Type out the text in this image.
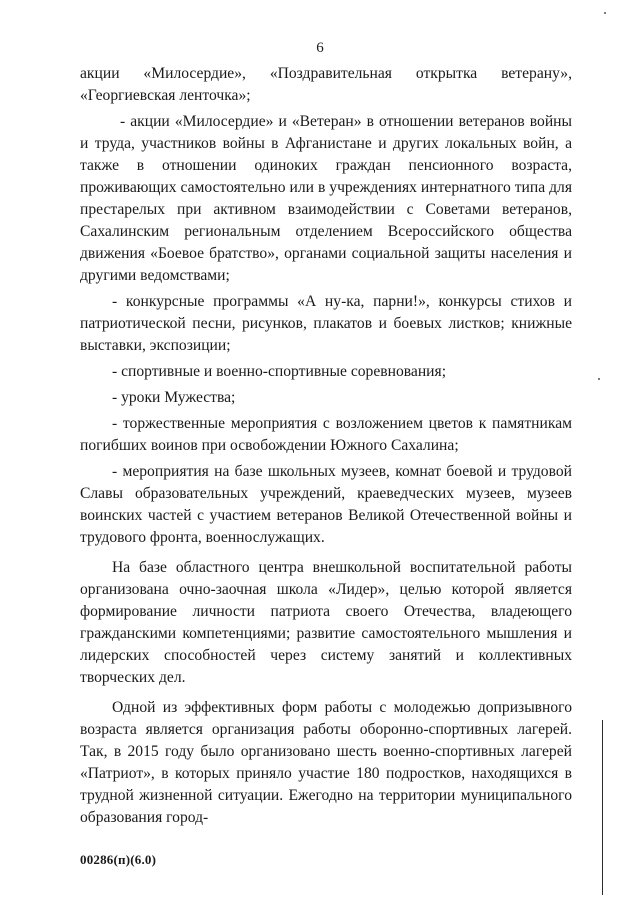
6

акции «Милосердие», «Поздравительная открытка ветерану», «Георгиевская ленточка»;

- акции «Милосердие» и «Ветеран» в отношении ветеранов войны и труда, участников войны в Афганистане и других локальных войн, а также в отношении одиноких граждан пенсионного возраста, проживающих самостоятельно или в учреждениях интернатного типа для престарелых при активном взаимодействии с Советами ветеранов, Сахалинским региональным отделением Всероссийского общества движения «Боевое братство», органами социальной защиты населения и другими ведомствами;

- конкурсные программы «А ну-ка, парни!», конкурсы стихов и патриотической песни, рисунков, плакатов и боевых листков; книжные выставки, экспозиции;

- спортивные и военно-спортивные соревнования;

- уроки Мужества;

- торжественные мероприятия с возложением цветов к памятникам погибших воинов при освобождении Южного Сахалина;

- мероприятия на базе школьных музеев, комнат боевой и трудовой Славы образовательных учреждений, краеведческих музеев, музеев воинских частей с участием ветеранов Великой Отечественной войны и трудового фронта, военнослужащих.

На базе областного центра внешкольной воспитательной работы организована очно-заочная школа «Лидер», целью которой является формирование личности патриота своего Отечества, владеющего гражданскими компетенциями; развитие самостоятельного мышления и лидерских способностей через систему занятий и коллективных творческих дел.

Одной из эффективных форм работы с молодежью допризывного возраста является организация работы оборонно-спортивных лагерей. Так, в 2015 году было организовано шесть военно-спортивных лагерей «Патриот», в которых приняло участие 180 подростков, находящихся в трудной жизненной ситуации. Ежегодно на территории муниципального образования город-

00286(п)(6.0)
